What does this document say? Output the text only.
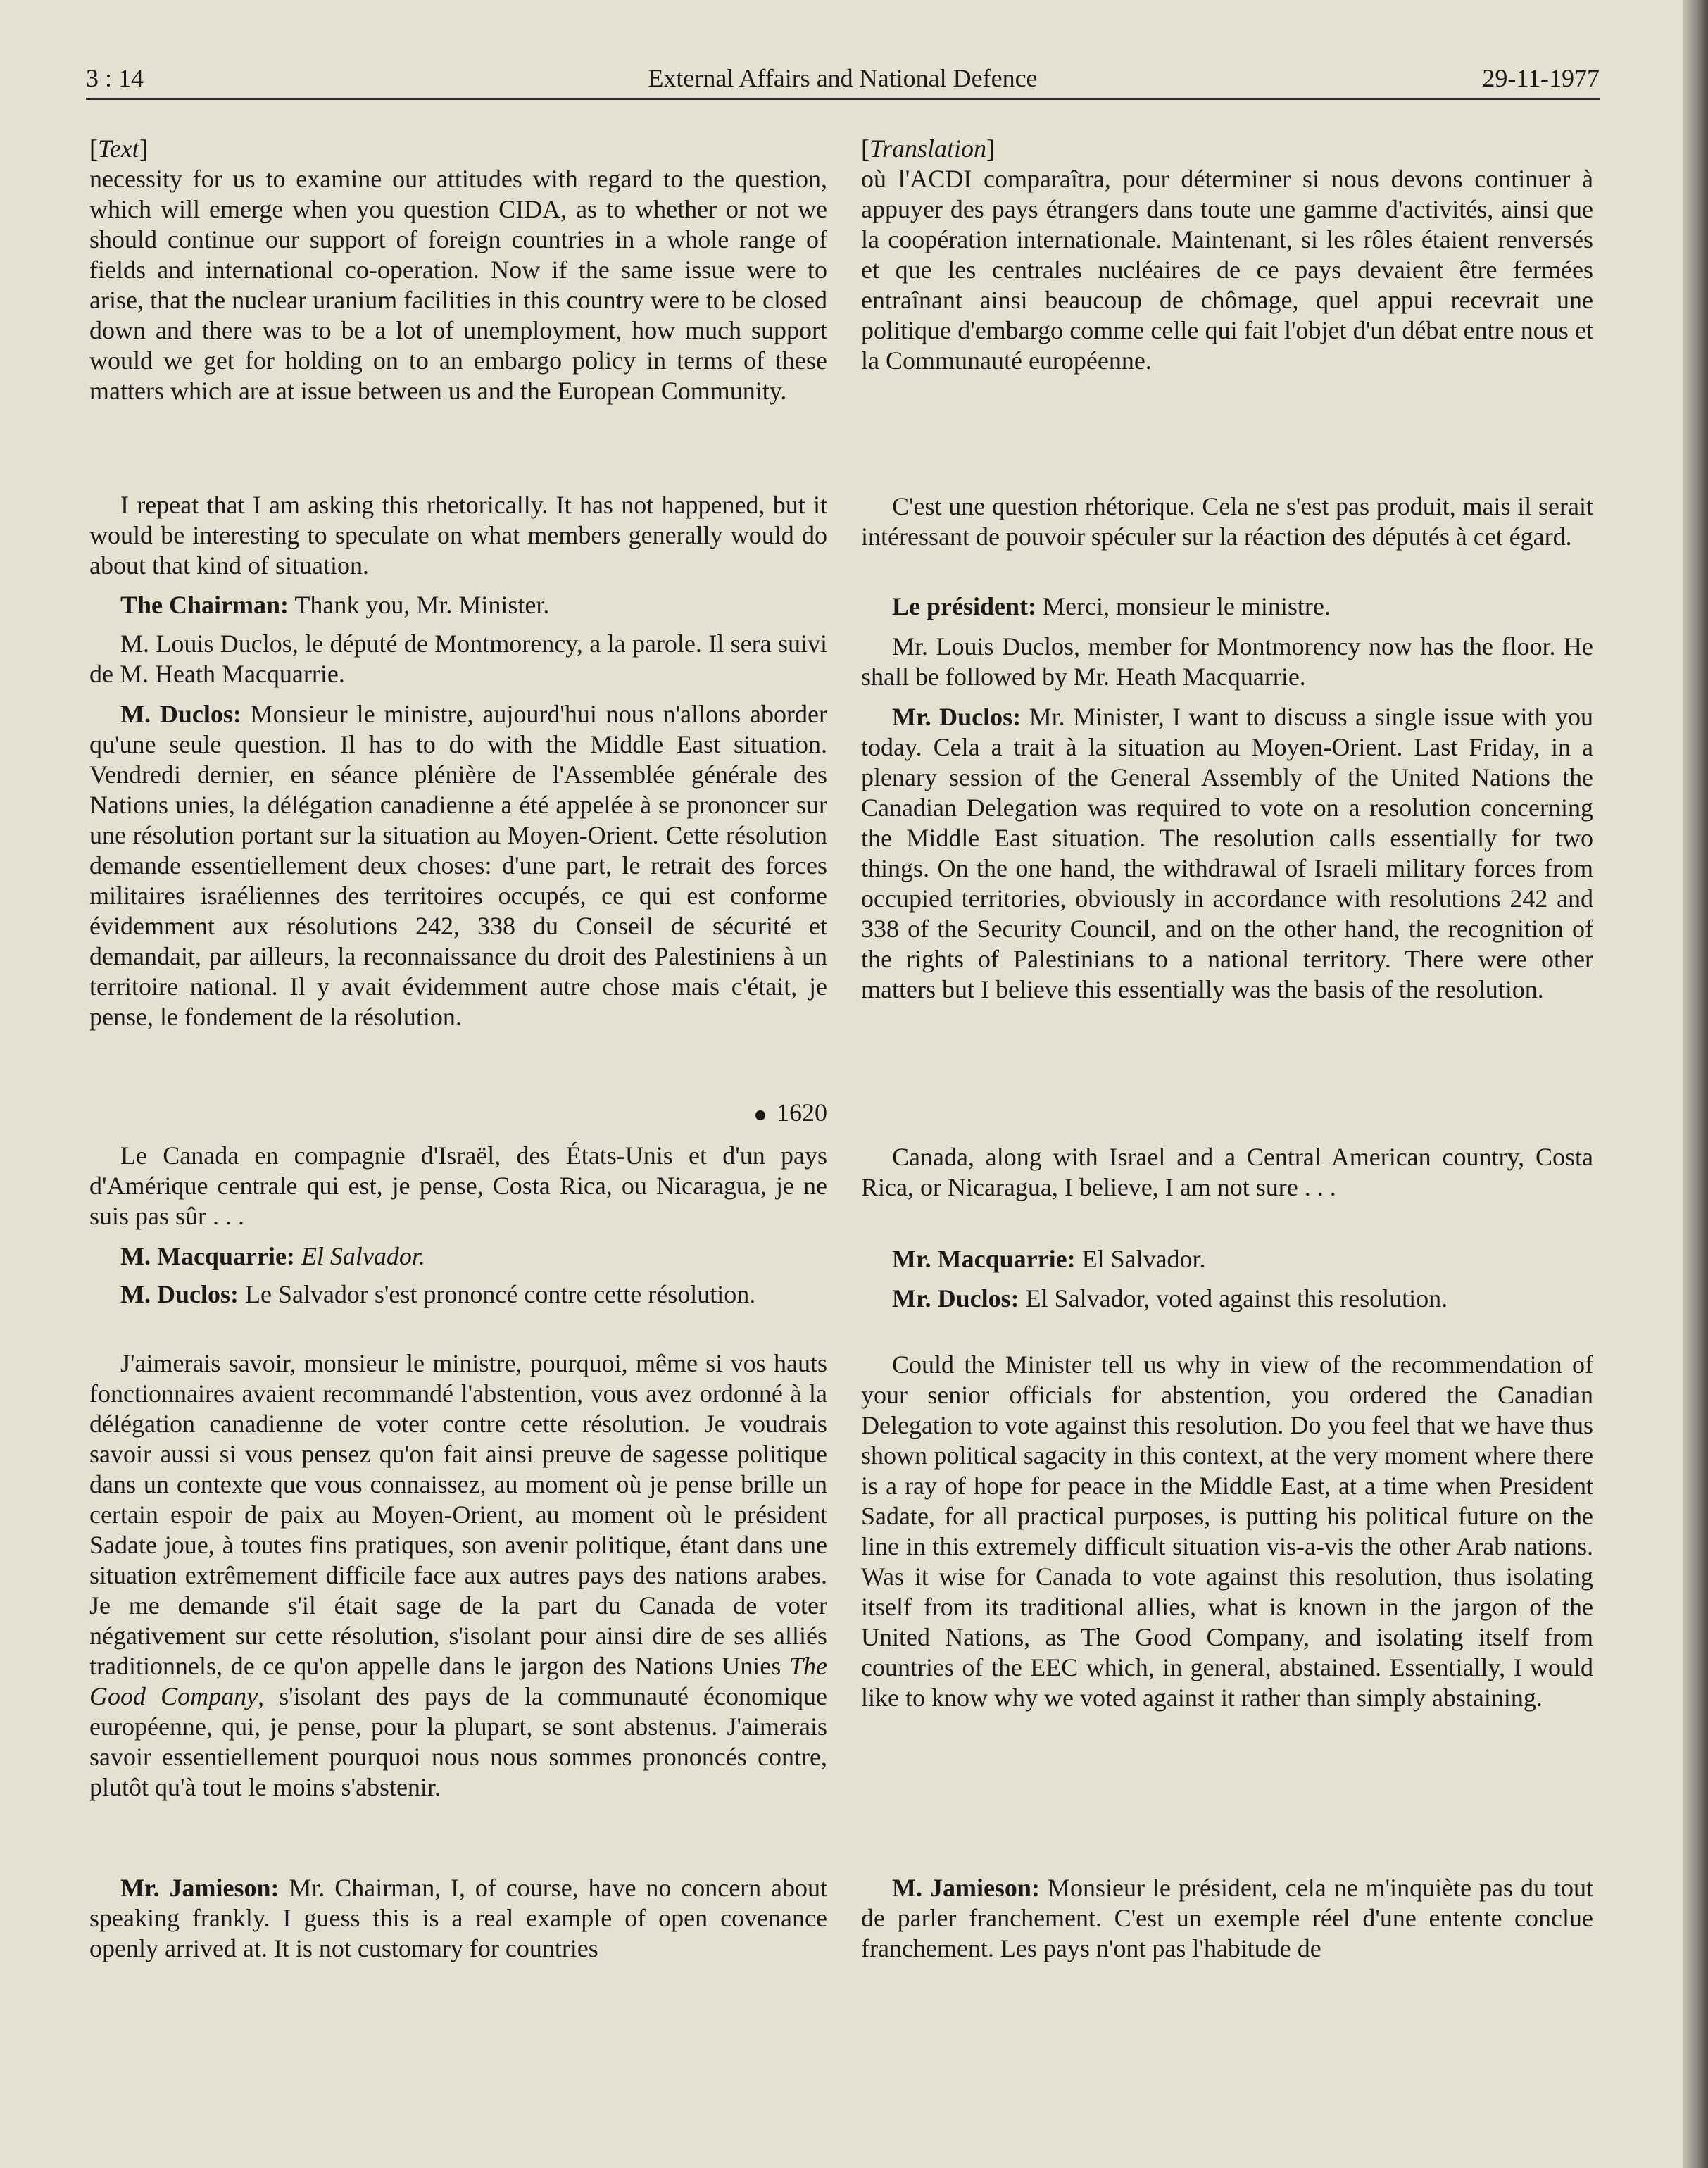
External Affairs and National Defence
3 : 14	29-11-1977

[Text]

necessity for us to examine our attitudes with regard to the question, which will emerge when you question CIDA, as to whether or not we should continue our support of foreign countries in a whole range of fields and international co-operation. Now if the same issue were to arise, that the nuclear uranium facilities in this country were to be closed down and there was to be a lot of unemployment, how much support would we get for holding on to an embargo policy in terms of these matters which are at issue between us and the European Community.

I repeat that I am asking this rhetorically. It has not happened, but it would be interesting to speculate on what members generally would do about that kind of situation.

The Chairman: Thank you, Mr. Minister.

M. Louis Duclos, le député de Montmorency, a la parole. Il sera suivi de M. Heath Macquarrie.

M. Duclos: Monsieur le ministre, aujourd'hui nous n'allons aborder qu'une seule question. Il has to do with the Middle East situation. Vendredi dernier, en séance plénière de l'Assemblée générale des Nations unies, la délégation canadienne a été appelée à se prononcer sur une résolution portant sur la situation au Moyen-Orient. Cette résolution demande essentiellement deux choses: d'une part, le retrait des forces militaires israéliennes des territoires occupés, ce qui est conforme évidemment aux résolutions 242, 338 du Conseil de sécurité et demandait, par ailleurs, la reconnaissance du droit des Palestiniens à un territoire national. Il y avait évidemment autre chose mais c'était, je pense, le fondement de la résolution.

1620

Le Canada en compagnie d'Israël, des États-Unis et d'un pays d'Amérique centrale qui est, je pense, Costa Rica, ou Nicaragua, je ne suis pas sûr . . .

M. Macquarrie: El Salvador.

M. Duclos: Le Salvador s'est prononcé contre cette résolution.

J'aimerais savoir, monsieur le ministre, pourquoi, même si vos hauts fonctionnaires avaient recommandé l'abstention, vous avez ordonné à la délégation canadienne de voter contre cette résolution. Je voudrais savoir aussi si vous pensez qu'on fait ainsi preuve de sagesse politique dans un contexte que vous connaissez, au moment où je pense brille un certain espoir de paix au Moyen-Orient, au moment où le président Sadate joue, à toutes fins pratiques, son avenir politique, étant dans une situation extrêmement difficile face aux autres pays des nations arabes. Je me demande s'il était sage de la part du Canada de voter négativement sur cette résolution, s'isolant pour ainsi dire de ses alliés traditionnels, de ce qu'on appelle dans le jargon des Nations Unies The Good Company, s'isolant des pays de la communauté économique européenne, qui, je pense, pour la plupart, se sont abstenus. J'aimerais savoir essentiellement pourquoi nous nous sommes prononcés contre, plutôt qu'à tout le moins s'abstenir.

Mr. Jamieson: Mr. Chairman, I, of course, have no concern about speaking frankly. I guess this is a real example of open covenance openly arrived at. It is not customary for countries

[Translation]

où l'ACDI comparaîtra, pour déterminer si nous devons continuer à appuyer des pays étrangers dans toute une gamme d'activités, ainsi que la coopération internationale. Maintenant, si les rôles étaient renversés et que les centrales nucléaires de ce pays devaient être fermées entraînant ainsi beaucoup de chômage, quel appui recevrait une politique d'embargo comme celle qui fait l'objet d'un débat entre nous et la Communauté européenne.

C'est une question rhétorique. Cela ne s'est pas produit, mais il serait intéressant de pouvoir spéculer sur la réaction des députés à cet égard.

Le président: Merci, monsieur le ministre.

Mr. Louis Duclos, member for Montmorency now has the floor. He shall be followed by Mr. Heath Macquarrie.

Mr. Duclos: Mr. Minister, I want to discuss a single issue with you today. Cela a trait à la situation au Moyen-Orient. Last Friday, in a plenary session of the General Assembly of the United Nations the Canadian Delegation was required to vote on a resolution concerning the Middle East situation. The resolution calls essentially for two things. On the one hand, the withdrawal of Israeli military forces from occupied territories, obviously in accordance with resolutions 242 and 338 of the Security Council, and on the other hand, the recognition of the rights of Palestinians to a national territory. There were other matters but I believe this essentially was the basis of the resolution.

Canada, along with Israel and a Central American country, Costa Rica, or Nicaragua, I believe, I am not sure . . .

Mr. Macquarrie: El Salvador.

Mr. Duclos: El Salvador, voted against this resolution.

Could the Minister tell us why in view of the recommendation of your senior officials for abstention, you ordered the Canadian Delegation to vote against this resolution. Do you feel that we have thus shown political sagacity in this context, at the very moment where there is a ray of hope for peace in the Middle East, at a time when President Sadate, for all practical purposes, is putting his political future on the line in this extremely difficult situation vis-a-vis the other Arab nations. Was it wise for Canada to vote against this resolution, thus isolating itself from its traditional allies, what is known in the jargon of the United Nations, as The Good Company, and isolating itself from countries of the EEC which, in general, abstained. Essentially, I would like to know why we voted against it rather than simply abstaining.

M. Jamieson: Monsieur le président, cela ne m'inquiète pas du tout de parler franchement. C'est un exemple réel d'une entente conclue franchement. Les pays n'ont pas l'habitude de
